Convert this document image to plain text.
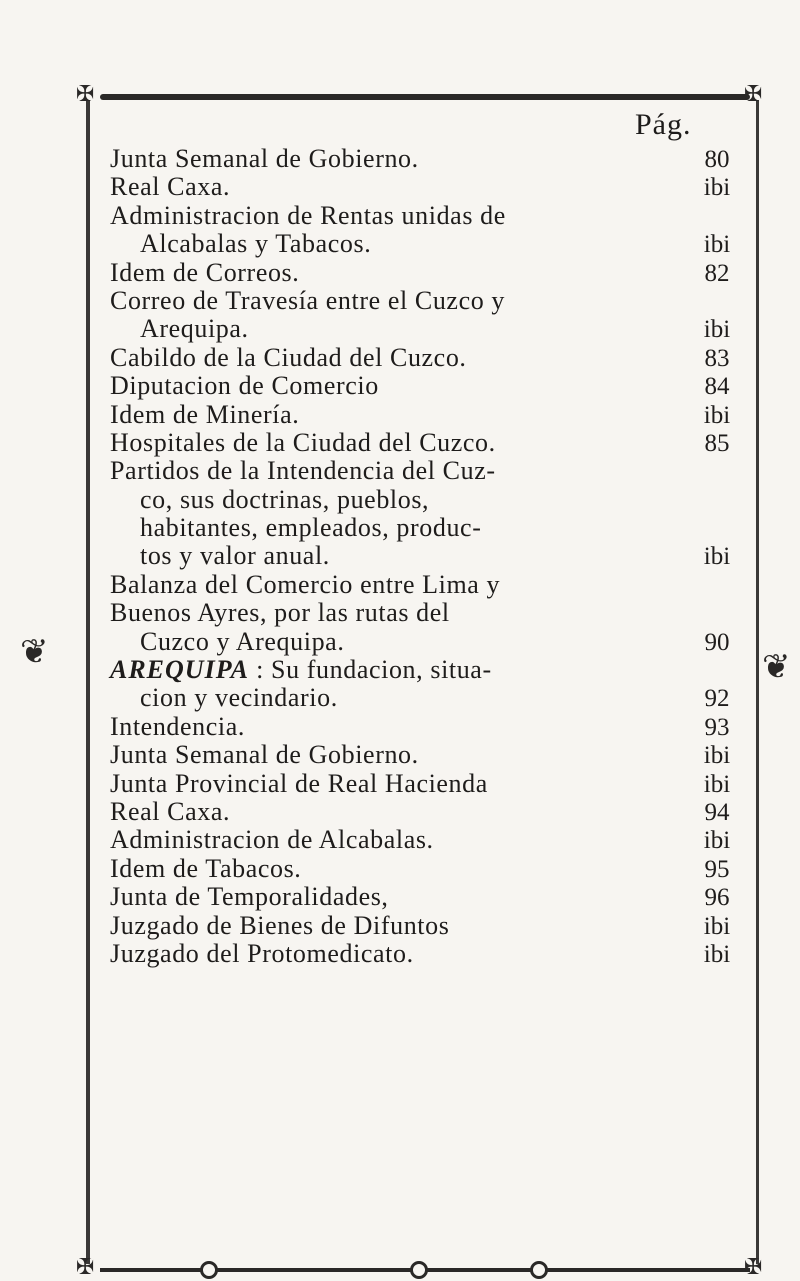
✠	✠
✠	✠
❦	❦
Pág.
Junta Semanal de Gobierno.	80
Real Caxa.	ibi
Administracion de Rentas unidas de
Alcabalas y Tabacos.	ibi
Idem de Correos.	82
Correo de Travesía entre el Cuzco y
Arequipa.	ibi
Cabildo de la Ciudad del Cuzco.	83
Diputacion de Comercio	84
Idem de Minería.	ibi
Hospitales de la Ciudad del Cuzco.	85
Partidos de la Intendencia del Cuz-
co, sus doctrinas, pueblos,
habitantes, empleados, produc-
tos y valor anual.	ibi
Balanza del Comercio entre Lima y
Buenos Ayres, por las rutas del
Cuzco y Arequipa.	90
AREQUIPA : Su fundacion, situa-
cion y vecindario.	92
Intendencia.	93
Junta Semanal de Gobierno.	ibi
Junta Provincial de Real Hacienda	ibi
Real Caxa.	94
Administracion de Alcabalas.	ibi
Idem de Tabacos.	95
Junta de Temporalidades,	96
Juzgado de Bienes de Difuntos	ibi
Juzgado del Protomedicato.	ibi
